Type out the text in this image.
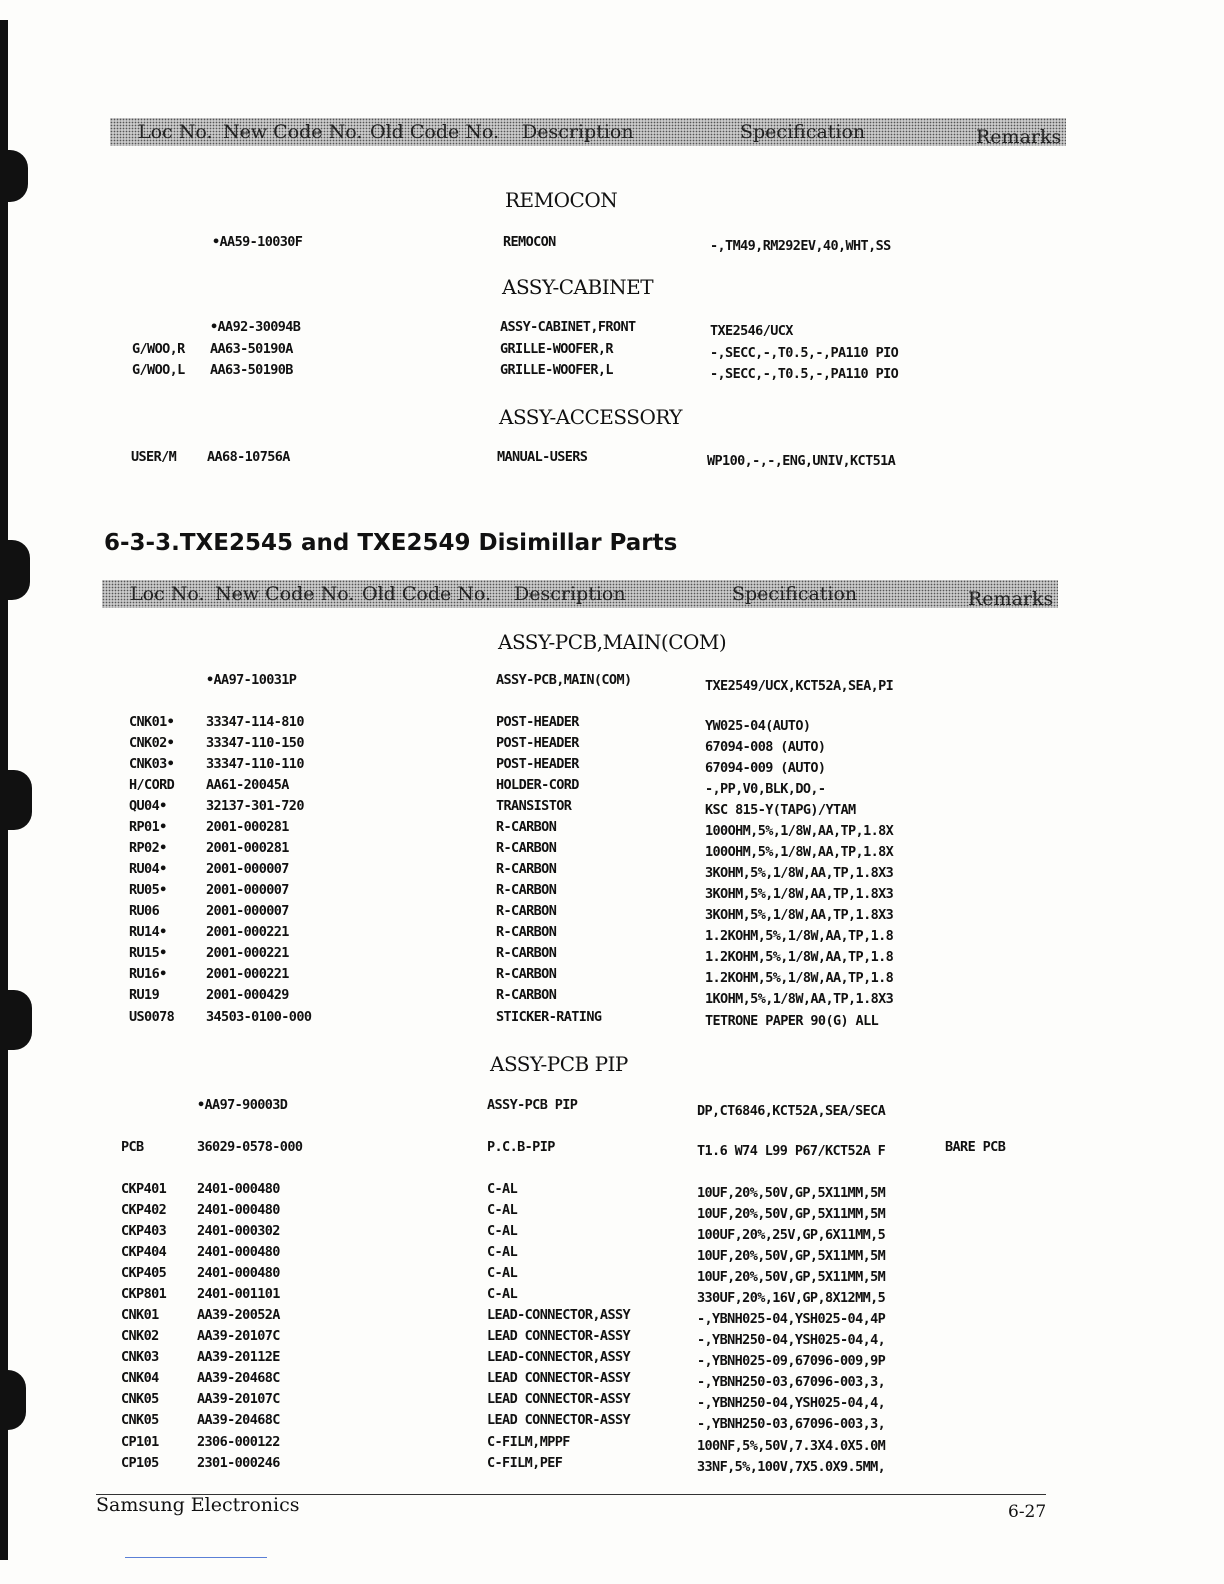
Loc No. New Code No. Old Code No. Description	Specification	Remarks
6-3-3.TXE2545 and TXE2549 Disimillar Parts
Loc No. New Code No. Old Code No. Description	Specification	Remarks
REMOCON
ASSY-CABINET
ASSY-ACCESSORY
ASSY-PCB,MAIN(COM)
ASSY-PCB PIP
•AA59-10030F	REMOCON	-,TM49,RM292EV,40,WHT,SS
•AA92-30094B	ASSY-CABINET,FRONT	TXE2546/UCX
G/WOO,R AA63-50190A	GRILLE-WOOFER,R	-,SECC,-,T0.5,-,PA110 PIO
G/WOO,L AA63-50190B	GRILLE-WOOFER,L	-,SECC,-,T0.5,-,PA110 PIO
USER/M AA68-10756A	MANUAL-USERS	WP100,-,-,ENG,UNIV,KCT51A
•AA97-10031P	ASSY-PCB,MAIN(COM)	TXE2549/UCX,KCT52A,SEA,PI
CNK01• 33347-114-810	POST-HEADER	YW025-04(AUTO)
CNK02• 33347-110-150	POST-HEADER	67094-008 (AUTO)
CNK03• 33347-110-110	POST-HEADER	67094-009 (AUTO)
H/CORD AA61-20045A	HOLDER-CORD	-,PP,V0,BLK,DO,-
QU04•	32137-301-720	TRANSISTOR	KSC 815-Y(TAPG)/YTAM
RP01•	2001-000281	R-CARBON	100OHM,5%,1/8W,AA,TP,1.8X
RP02•	2001-000281	R-CARBON	100OHM,5%,1/8W,AA,TP,1.8X
RU04•	2001-000007	R-CARBON	3KOHM,5%,1/8W,AA,TP,1.8X3
RU05•	2001-000007	R-CARBON	3KOHM,5%,1/8W,AA,TP,1.8X3
RU06	2001-000007	R-CARBON	3KOHM,5%,1/8W,AA,TP,1.8X3
RU14•	2001-000221	R-CARBON	1.2KOHM,5%,1/8W,AA,TP,1.8
RU15•	2001-000221	R-CARBON	1.2KOHM,5%,1/8W,AA,TP,1.8
RU16•	2001-000221	R-CARBON	1.2KOHM,5%,1/8W,AA,TP,1.8
RU19	2001-000429	R-CARBON	1KOHM,5%,1/8W,AA,TP,1.8X3
US0078 34503-0100-000	STICKER-RATING	TETRONE PAPER 90(G) ALL
•AA97-90003D	ASSY-PCB PIP	DP,CT6846,KCT52A,SEA/SECA
PCB	36029-0578-000	P.C.B-PIP	T1.6 W74 L99 P67/KCT52A F	BARE PCB
CKP401 2401-000480	C-AL	10UF,20%,50V,GP,5X11MM,5M
CKP402 2401-000480	C-AL	10UF,20%,50V,GP,5X11MM,5M
CKP403 2401-000302	C-AL	100UF,20%,25V,GP,6X11MM,5
CKP404 2401-000480	C-AL	10UF,20%,50V,GP,5X11MM,5M
CKP405 2401-000480	C-AL	10UF,20%,50V,GP,5X11MM,5M
CKP801 2401-001101	C-AL	330UF,20%,16V,GP,8X12MM,5
CNK01	AA39-20052A	LEAD-CONNECTOR,ASSY	-,YBNH025-04,YSH025-04,4P
CNK02	AA39-20107C	LEAD CONNECTOR-ASSY	-,YBNH250-04,YSH025-04,4,
CNK03	AA39-20112E	LEAD-CONNECTOR,ASSY	-,YBNH025-09,67096-009,9P
CNK04	AA39-20468C	LEAD CONNECTOR-ASSY	-,YBNH250-03,67096-003,3,
CNK05	AA39-20107C	LEAD CONNECTOR-ASSY	-,YBNH250-04,YSH025-04,4,
CNK05	AA39-20468C	LEAD CONNECTOR-ASSY	-,YBNH250-03,67096-003,3,
CP101	2306-000122	C-FILM,MPPF	100NF,5%,50V,7.3X4.0X5.0M
CP105	2301-000246	C-FILM,PEF	33NF,5%,100V,7X5.0X9.5MM,
Samsung Electronics	6-27
